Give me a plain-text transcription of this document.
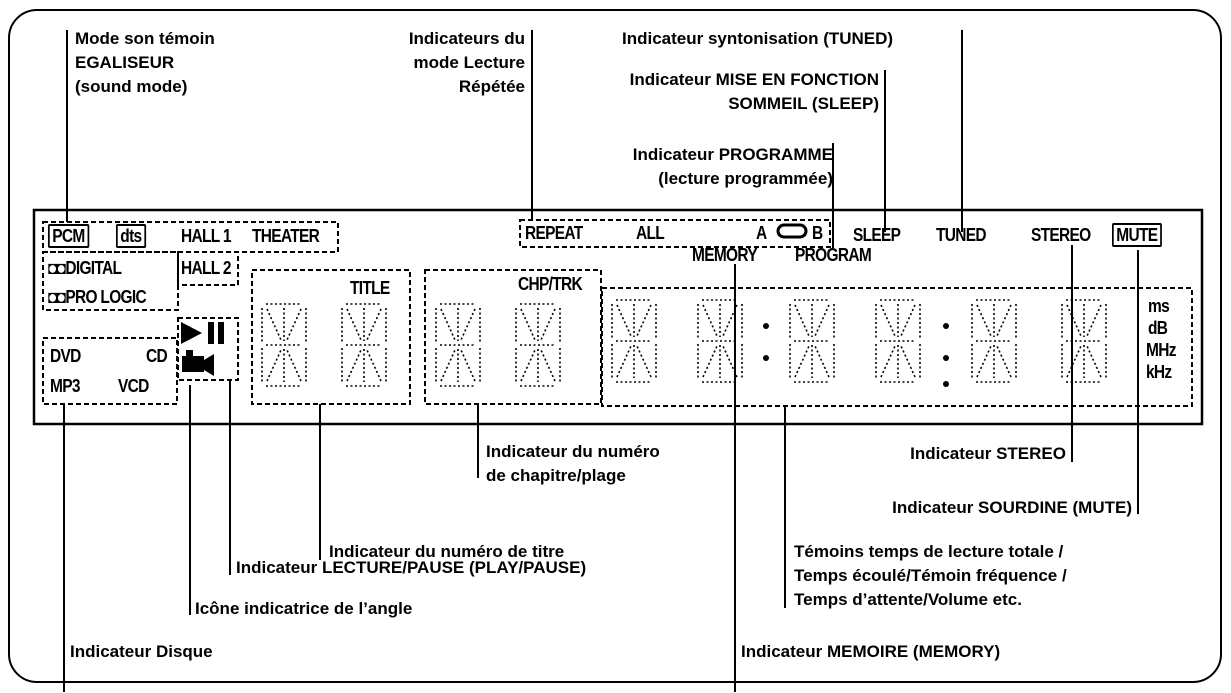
Mode son témoin
EGALISEUR
(sound mode)
Indicateurs du
mode Lecture
Répétée
Indicateur syntonisation (TUNED)
Indicateur MISE EN FONCTION
SOMMEIL (SLEEP)
Indicateur PROGRAMME
(lecture programmée)
Indicateur du numéro
de chapitre/plage
Indicateur STEREO
Indicateur SOURDINE (MUTE)
Indicateur du numéro de titre
Indicateur LECTURE/PAUSE (PLAY/PAUSE)
Témoins temps de lecture totale /
Temps écoulé/Témoin fréquence /
Temps d’attente/Volume etc.
Icône indicatrice de l’angle
Indicateur Disque	Indicateur MEMOIRE (MEMORY)
PCM dts HALL 1 THEATER
◘◘DIGITAL	HALL 2
◘◘PRO LOGIC
DVD	CD
MP3 VCD
TITLE	CHP/TRK
REPEAT	ALL	A	B
MEMORY PROGRAM
SLEEP TUNED	STEREO MUTE
ms
dB
MHz
kHz
